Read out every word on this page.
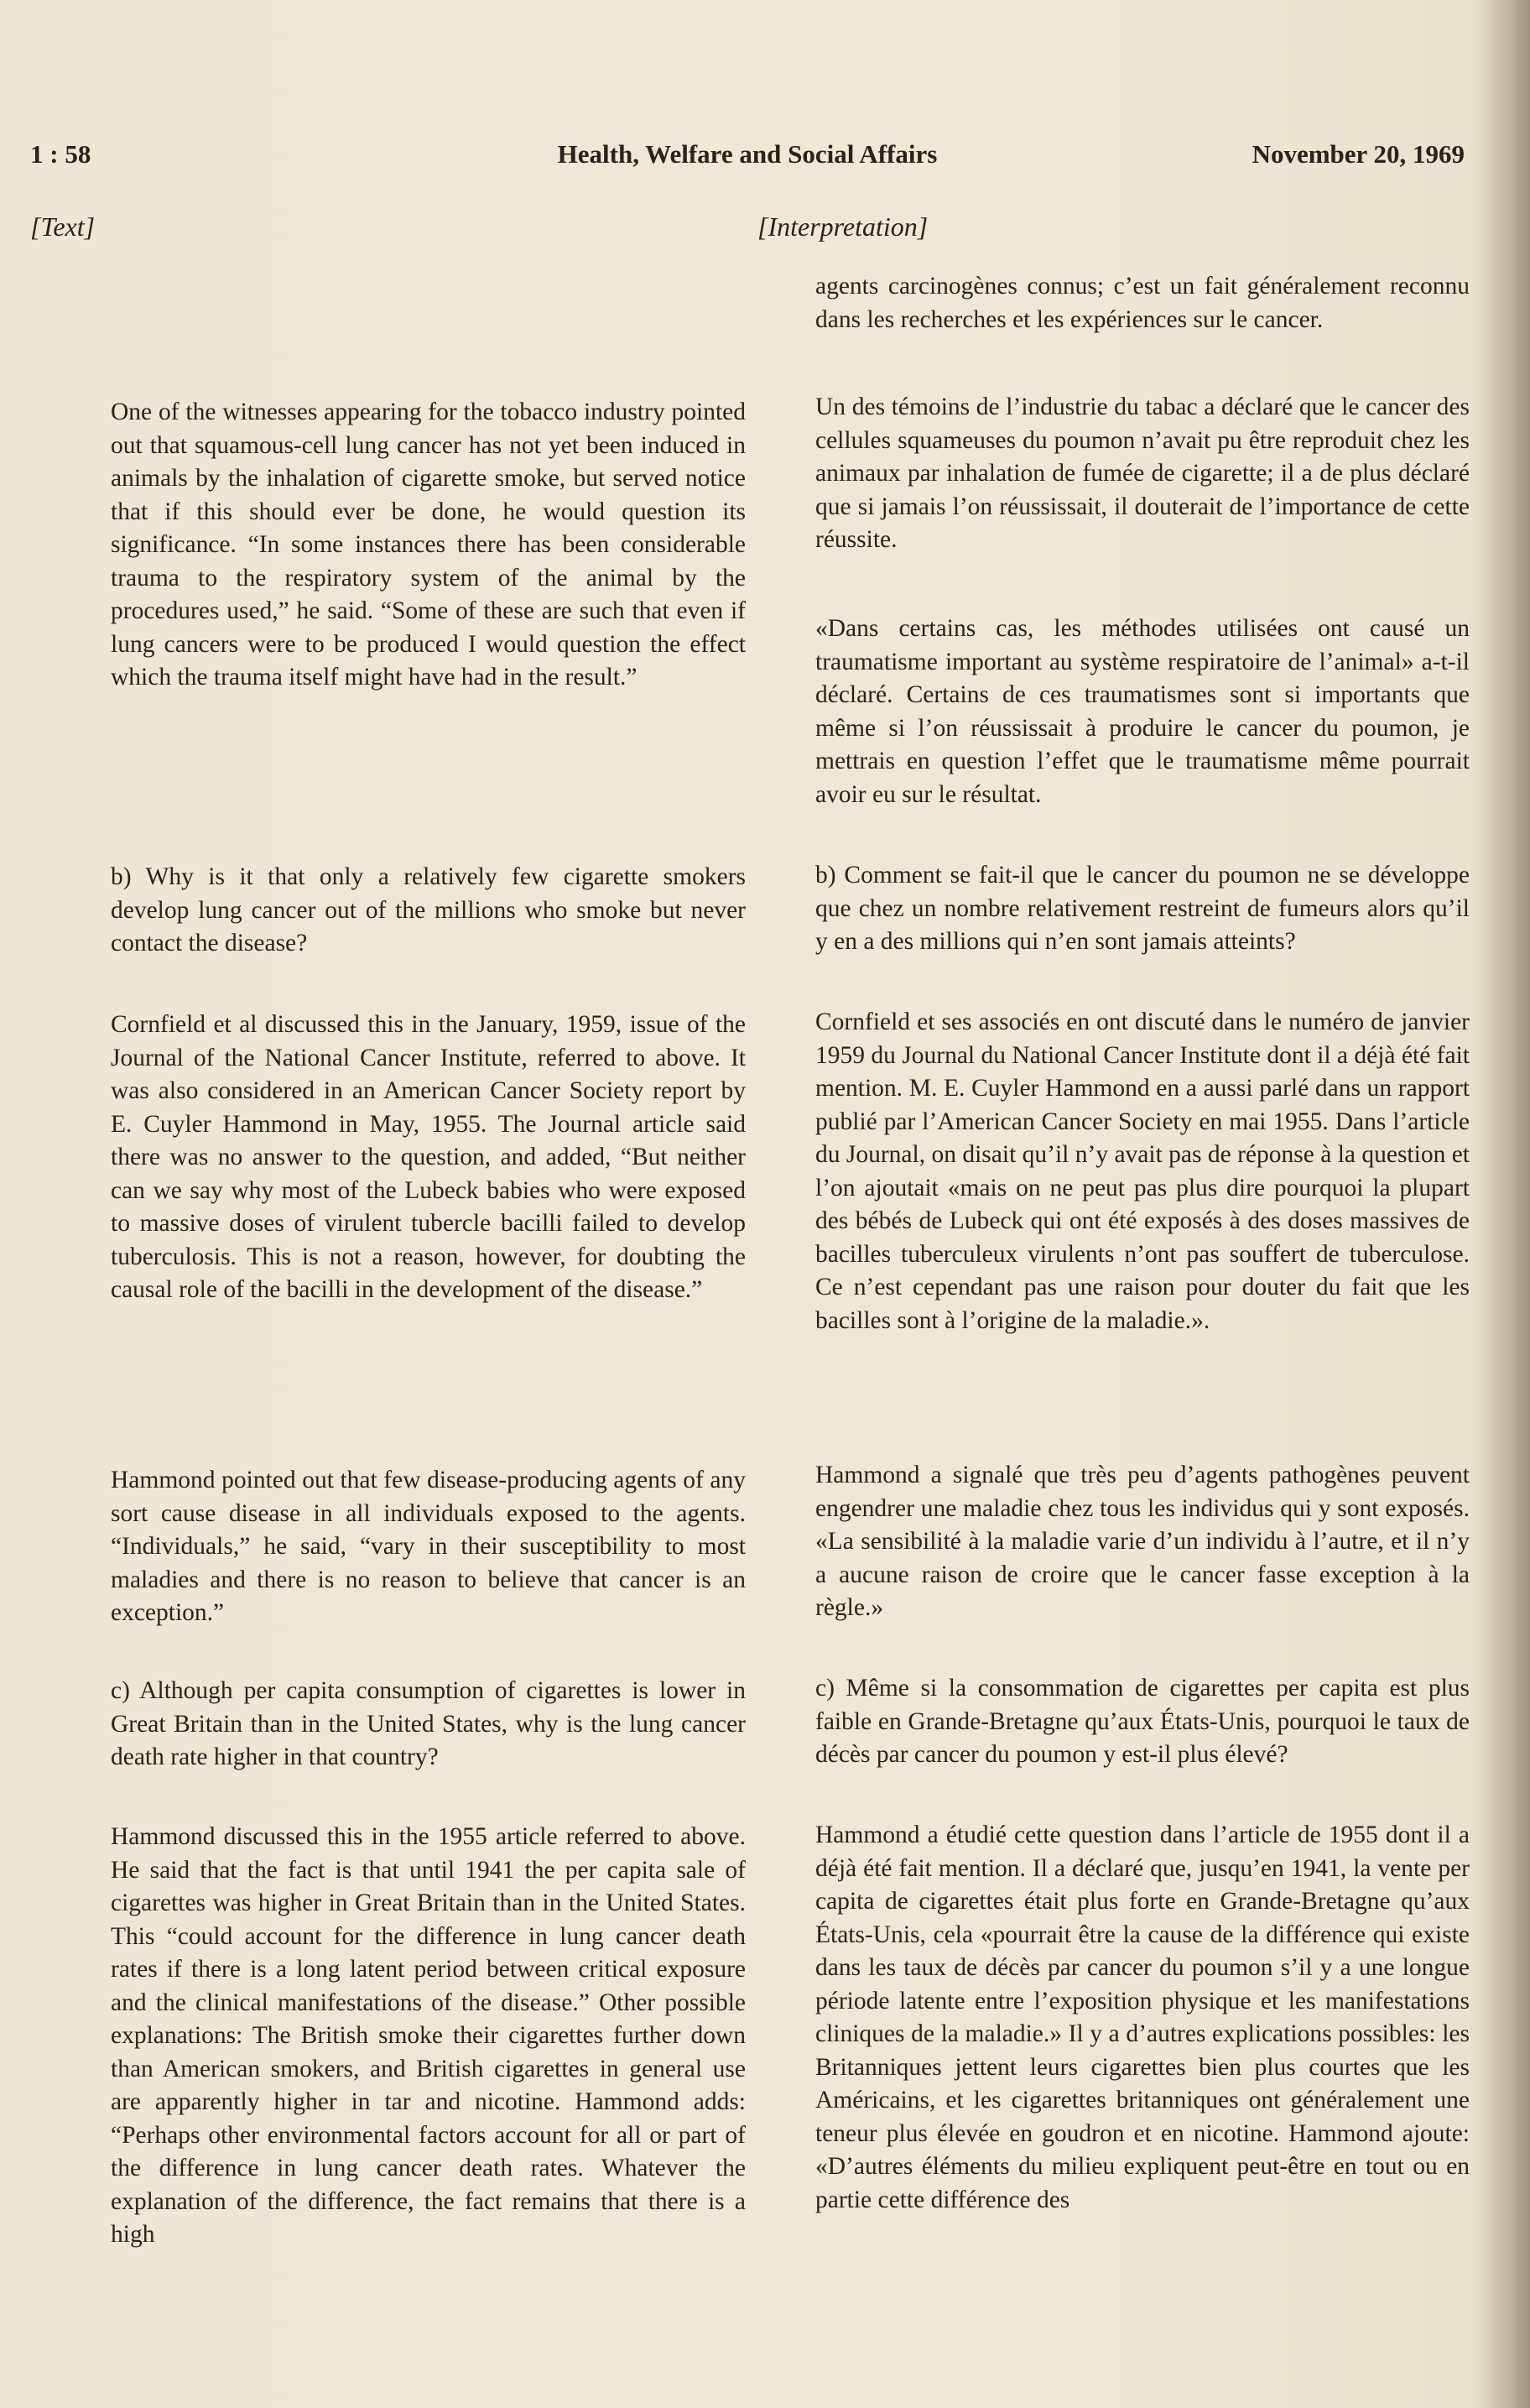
1 : 58	Health, Welfare and Social Affairs	November 20, 1969
[Text]	[Interpretation]
One of the witnesses appearing for the tobacco industry pointed out that squamous-cell lung cancer has not yet been induced in animals by the inhalation of cigarette smoke, but served notice that if this should ever be done, he would question its significance. “In some instances there has been considerable trauma to the respiratory system of the animal by the procedures used,” he said. “Some of these are such that even if lung cancers were to be produced I would question the effect which the trauma itself might have had in the result.”
b) Why is it that only a relatively few cigarette smokers develop lung cancer out of the millions who smoke but never contact the disease?
Cornfield et al discussed this in the January, 1959, issue of the Journal of the National Cancer Institute, referred to above. It was also considered in an American Cancer Society report by E. Cuyler Hammond in May, 1955. The Journal article said there was no answer to the question, and added, “But neither can we say why most of the Lubeck babies who were exposed to massive doses of virulent tubercle bacilli failed to develop tuberculosis. This is not a reason, however, for doubting the causal role of the bacilli in the development of the disease.”
Hammond pointed out that few disease-producing agents of any sort cause disease in all individuals exposed to the agents. “Individuals,” he said, “vary in their susceptibility to most maladies and there is no reason to believe that cancer is an exception.”
c) Although per capita consumption of cigarettes is lower in Great Britain than in the United States, why is the lung cancer death rate higher in that country?
Hammond discussed this in the 1955 article referred to above. He said that the fact is that until 1941 the per capita sale of cigarettes was higher in Great Britain than in the United States. This “could account for the difference in lung cancer death rates if there is a long latent period between critical exposure and the clinical manifestations of the disease.” Other possible explanations: The British smoke their cigarettes further down than American smokers, and British cigarettes in general use are apparently higher in tar and nicotine. Hammond adds: “Perhaps other environmental factors account for all or part of the difference in lung cancer death rates. Whatever the explanation of the difference, the fact remains that there is a high
agents carcinogènes connus; c’est un fait généralement reconnu dans les recherches et les expériences sur le cancer.
Un des témoins de l’industrie du tabac a déclaré que le cancer des cellules squameuses du poumon n’avait pu être reproduit chez les animaux par inhalation de fumée de cigarette; il a de plus déclaré que si jamais l’on réussissait, il douterait de l’importance de cette réussite.
«Dans certains cas, les méthodes utilisées ont causé un traumatisme important au système respiratoire de l’animal» a-t-il déclaré. Certains de ces traumatismes sont si importants que même si l’on réussissait à produire le cancer du poumon, je mettrais en question l’effet que le traumatisme même pourrait avoir eu sur le résultat.
b) Comment se fait-il que le cancer du poumon ne se développe que chez un nombre relativement restreint de fumeurs alors qu’il y en a des millions qui n’en sont jamais atteints?
Cornfield et ses associés en ont discuté dans le numéro de janvier 1959 du Journal du National Cancer Institute dont il a déjà été fait mention. M. E. Cuyler Hammond en a aussi parlé dans un rapport publié par l’American Cancer Society en mai 1955. Dans l’article du Journal, on disait qu’il n’y avait pas de réponse à la question et l’on ajoutait «mais on ne peut pas plus dire pourquoi la plupart des bébés de Lubeck qui ont été exposés à des doses massives de bacilles tuberculeux virulents n’ont pas souffert de tuberculose. Ce n’est cependant pas une raison pour douter du fait que les bacilles sont à l’origine de la maladie.».
Hammond a signalé que très peu d’agents pathogènes peuvent engendrer une maladie chez tous les individus qui y sont exposés. «La sensibilité à la maladie varie d’un individu à l’autre, et il n’y a aucune raison de croire que le cancer fasse exception à la règle.»
c) Même si la consommation de cigarettes per capita est plus faible en Grande-Bretagne qu’aux États-Unis, pourquoi le taux de décès par cancer du poumon y est-il plus élevé?
Hammond a étudié cette question dans l’article de 1955 dont il a déjà été fait mention. Il a déclaré que, jusqu’en 1941, la vente per capita de cigarettes était plus forte en Grande-Bretagne qu’aux États-Unis, cela «pourrait être la cause de la différence qui existe dans les taux de décès par cancer du poumon s’il y a une longue période latente entre l’exposition physique et les manifestations cliniques de la maladie.» Il y a d’autres explications possibles: les Britanniques jettent leurs cigarettes bien plus courtes que les Américains, et les cigarettes britanniques ont généralement une teneur plus élevée en goudron et en nicotine. Hammond ajoute: «D’autres éléments du milieu expliquent peut-être en tout ou en partie cette différence des
